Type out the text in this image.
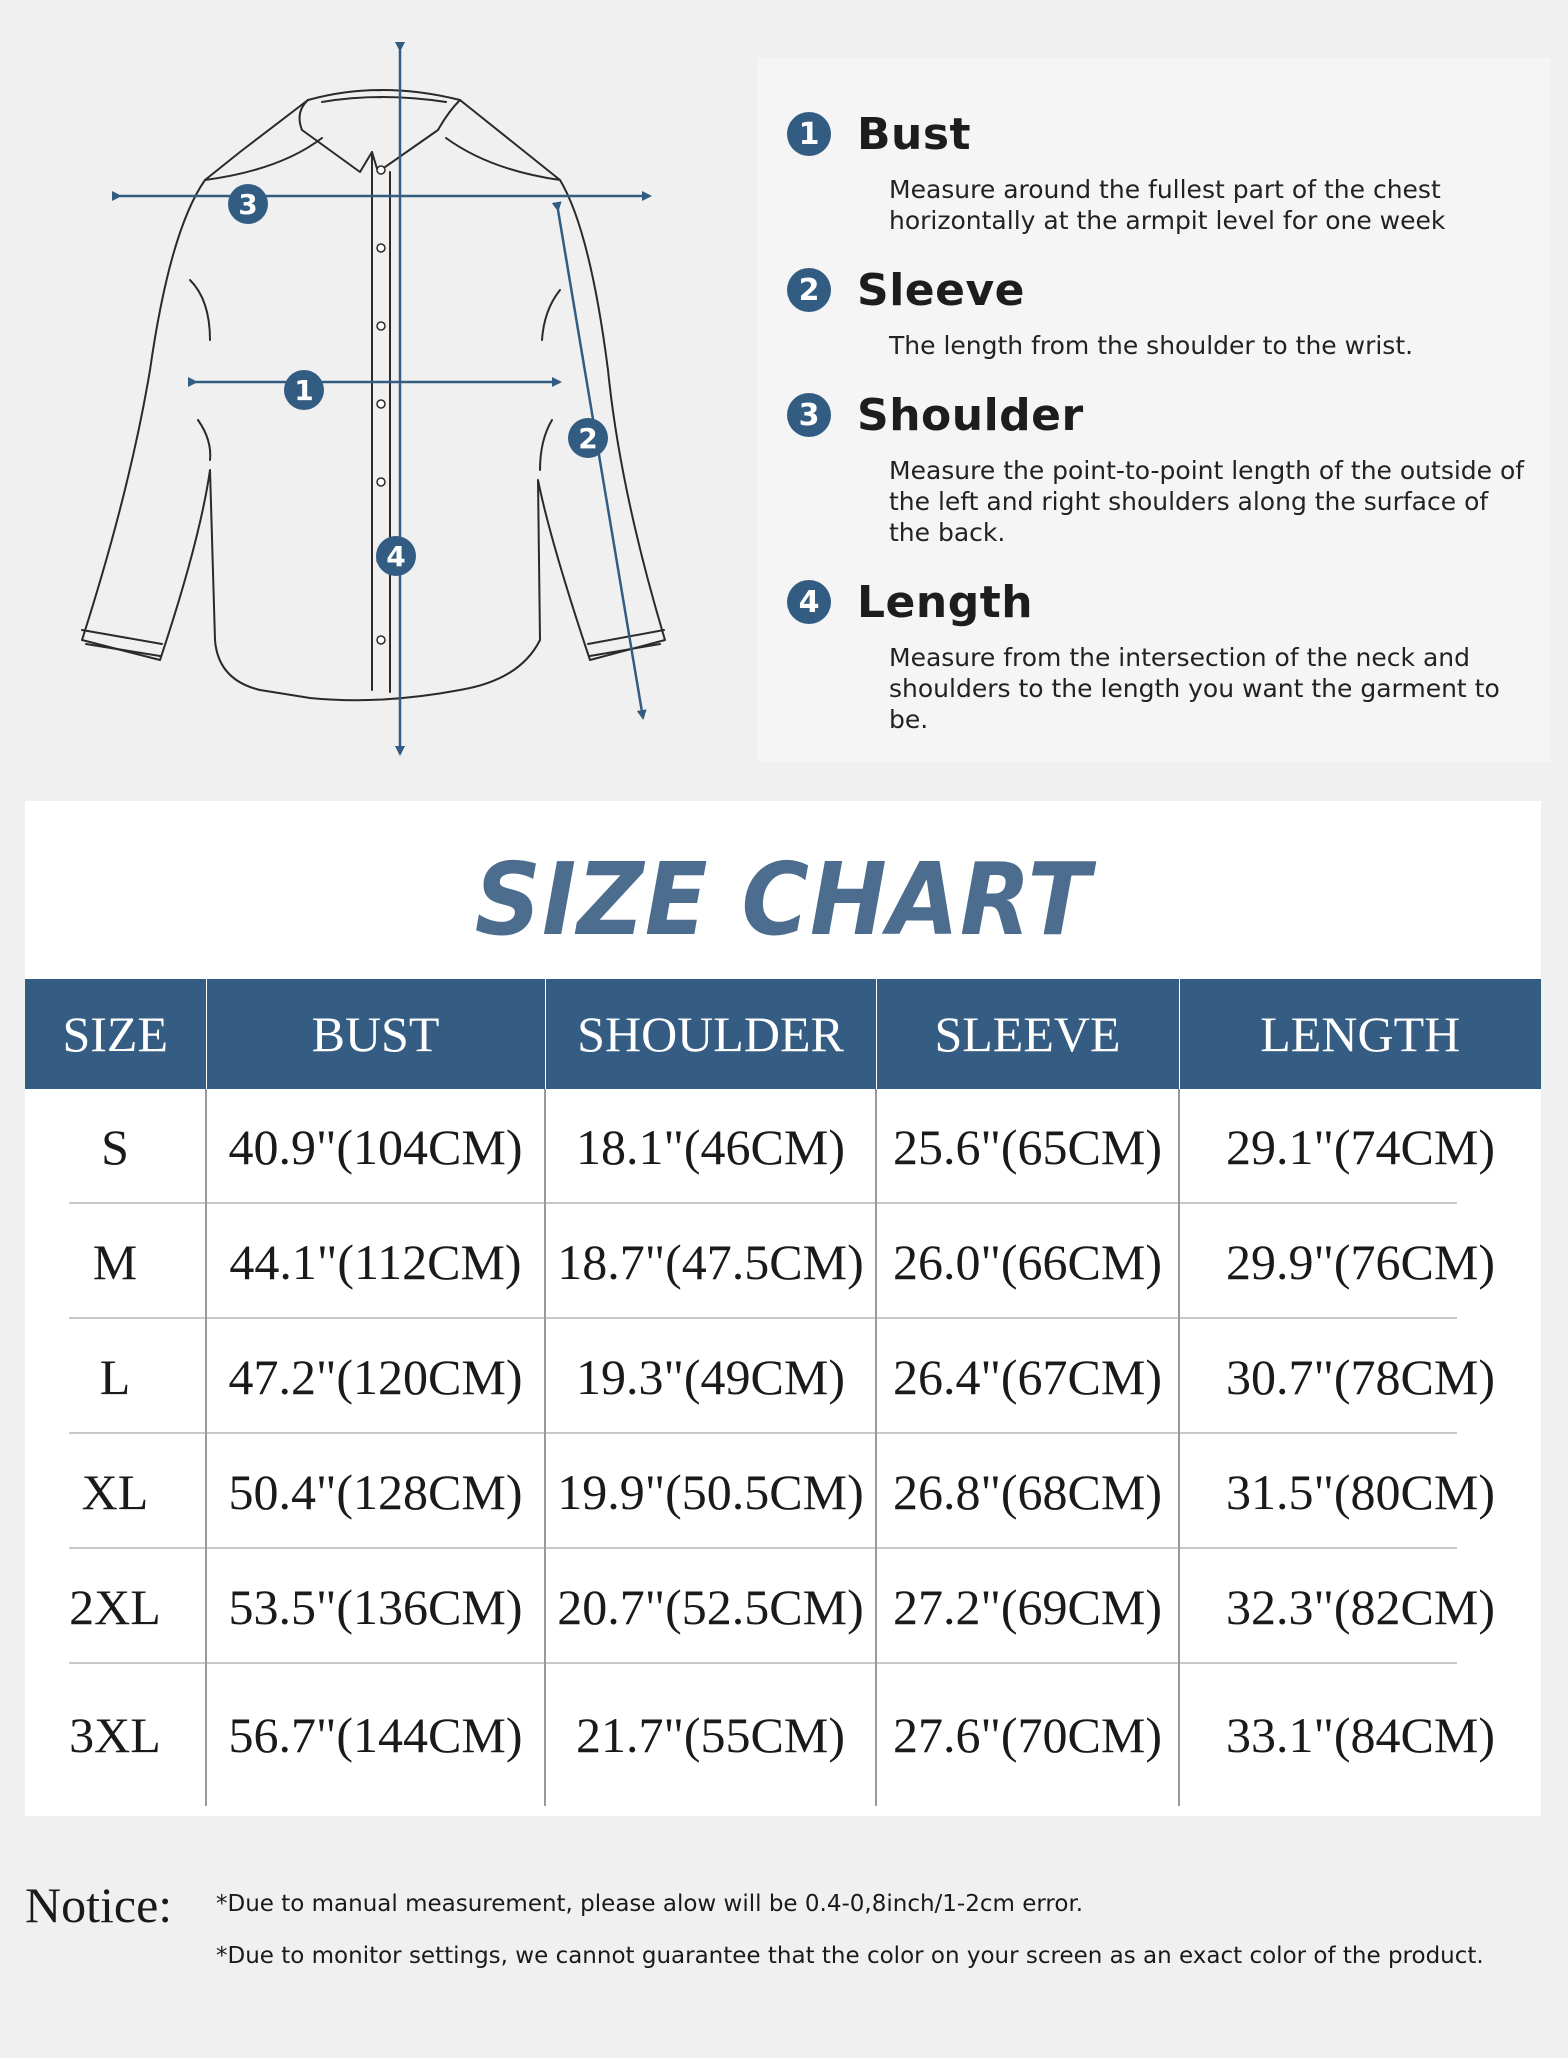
3
1
2
4
1 Bust
Measure around the fullest part of the chest horizontally at the armpit level for one week
2 Sleeve
The length from the shoulder to the wrist.
3 Shoulder
Measure the point-to-point length of the outside of the left and right shoulders along the surface of the back.
4 Length
Measure from the intersection of the neck and shoulders to the length you want the garment to be.
SIZE CHART
SIZE	BUST	SHOULDER	SLEEVE	LENGTH
S	40.9"(104CM)	18.1"(46CM)	25.6"(65CM)	29.1"(74CM)
M	44.1"(112CM)	18.7"(47.5CM)	26.0"(66CM)	29.9"(76CM)
L	47.2"(120CM)	19.3"(49CM)	26.4"(67CM)	30.7"(78CM)
XL	50.4"(128CM)	19.9"(50.5CM)	26.8"(68CM)	31.5"(80CM)
2XL	53.5"(136CM)	20.7"(52.5CM)	27.2"(69CM)	32.3"(82CM)
3XL	56.7"(144CM)	21.7"(55CM)	27.6"(70CM)	33.1"(84CM)
Notice: *Due to manual measurement, please alow will be 0.4-0,8inch/1-2cm error.
*Due to monitor settings, we cannot guarantee that the color on your screen as an exact color of the product.
